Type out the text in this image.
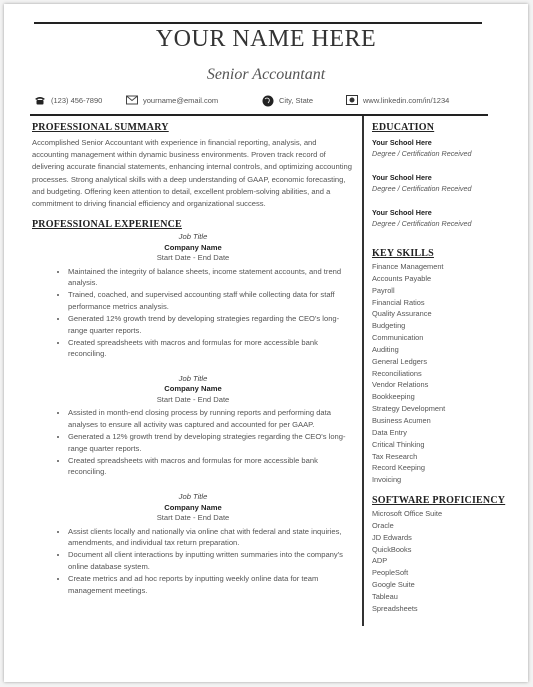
YOUR NAME HERE
Senior Accountant
(123) 456-7890	yourname@email.com	City, State	www.linkedin.com/in/1234
PROFESSIONAL SUMMARY
Accomplished Senior Accountant with experience in financial reporting, analysis, and accounting management within dynamic business environments. Proven track record of delivering accurate financial statements, enhancing internal controls, and optimizing accounting processes. Strong analytical skills with a deep understanding of GAAP, economic forecasting, and budgeting. Offering keen attention to detail, excellent problem-solving abilities, and a commitment to driving financial efficiency and organizational success.
PROFESSIONAL EXPERIENCE
Job Title
Company Name
Start Date - End Date
• Maintained the integrity of balance sheets, income statement accounts, and trend analysis.
• Trained, coached, and supervised accounting staff while collecting data for staff performance metrics analysis.
• Generated 12% growth trend by developing strategies regarding the CEO's long-range quarter reports.
• Created spreadsheets with macros and formulas for more accessible bank reconciling.
Job Title
Company Name
Start Date - End Date
• Assisted in month-end closing process by running reports and performing data analyses to ensure all activity was captured and accounted for per GAAP.
• Generated a 12% growth trend by developing strategies regarding the CEO's long-range quarter reports.
• Created spreadsheets with macros and formulas for more accessible bank reconciling.
Job Title
Company Name
Start Date - End Date
• Assist clients locally and nationally via online chat with federal and state inquiries, amendments, and individual tax return preparation.
• Document all client interactions by inputting written summaries into the company's online database system.
• Create metrics and ad hoc reports by inputting weekly online data for team management meetings.
EDUCATION
Your School Here
Degree / Certification Received
Your School Here
Degree / Certification Received
Your School Here
Degree / Certification Received
KEY SKILLS
Finance Management
Accounts Payable
Payroll
Financial Ratios
Quality Assurance
Budgeting
Communication
Auditing
General Ledgers
Reconciliations
Vendor Relations
Bookkeeping
Strategy Development
Business Acumen
Data Entry
Critical Thinking
Tax Research
Record Keeping
Invoicing
SOFTWARE PROFICIENCY
Microsoft Office Suite
Oracle
JD Edwards
QuickBooks
ADP
PeopleSoft
Google Suite
Tableau
Spreadsheets
